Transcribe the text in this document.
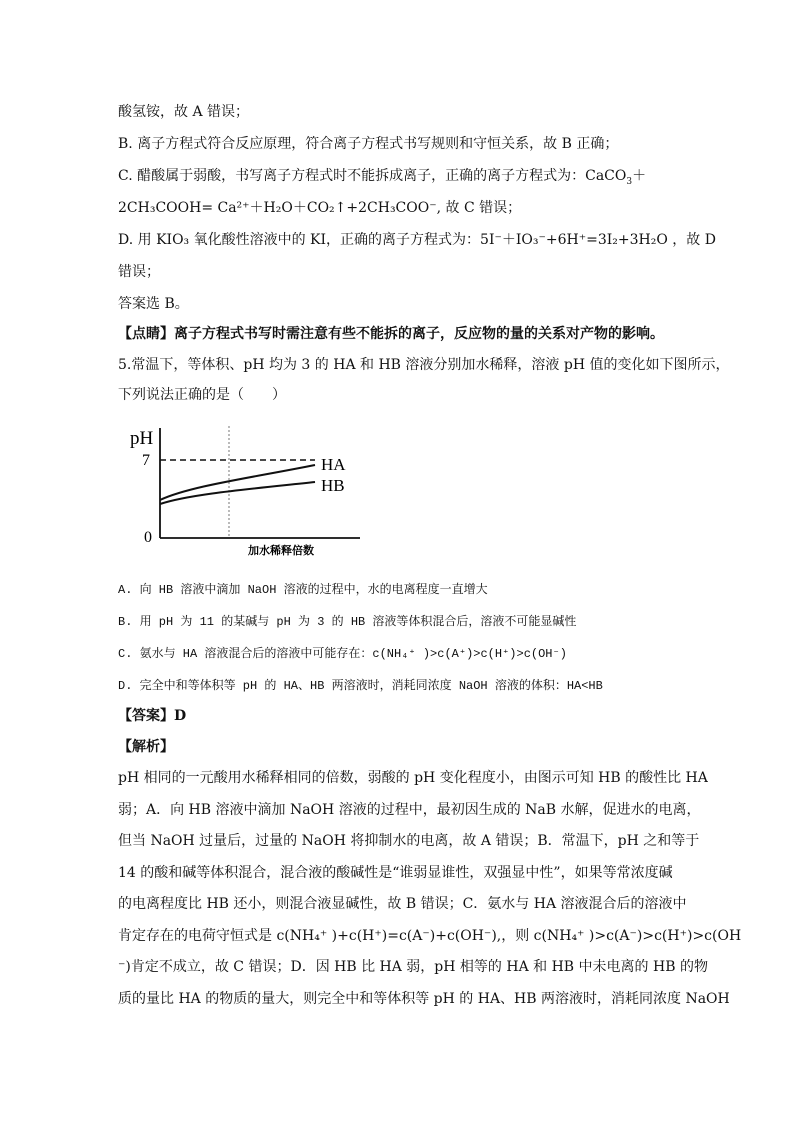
酸氢铵，故 A 错误；
B. 离子方程式符合反应原理，符合离子方程式书写规则和守恒关系，故 B 正确；
C. 醋酸属于弱酸，书写离子方程式时不能拆成离子，正确的离子方程式为：CaCO$_3$＋
2CH₃COOH= Ca²⁺＋H₂O＋CO₂↑+2CH₃COO⁻, 故 C 错误；
D. 用 KIO₃ 氧化酸性溶液中的 KI，正确的离子方程式为：5I⁻＋IO₃⁻+6H⁺=3I₂+3H₂O ，故 D
错误；
答案选 B。
【点睛】离子方程式书写时需注意有些不能拆的离子，反应物的量的关系对产物的影响。
5.常温下，等体积、pH 均为 3 的 HA 和 HB 溶液分别加水稀释，溶液 pH 值的变化如下图所示，
下列说法正确的是（　　）
pH
7
0
HA
HB
加水稀释倍数
A. 向 HB 溶液中滴加 NaOH 溶液的过程中，水的电离程度一直增大
B. 用 pH 为 11 的某碱与 pH 为 3 的 HB 溶液等体积混合后，溶液不可能显碱性
C. 氨水与 HA 溶液混合后的溶液中可能存在：c(NH₄⁺ )>c(A⁺)>c(H⁺)>c(OH⁻)
D. 完全中和等体积等 pH 的 HA、HB 两溶液时，消耗同浓度 NaOH 溶液的体积：HA<HB
【答案】D
【解析】
pH 相同的一元酸用水稀释相同的倍数，弱酸的 pH 变化程度小，由图示可知 HB 的酸性比 HA
弱；A．向 HB 溶液中滴加 NaOH 溶液的过程中，最初因生成的 NaB 水解，促进水的电离，
但当 NaOH 过量后，过量的 NaOH 将抑制水的电离，故 A 错误；B．常温下，pH 之和等于
14 的酸和碱等体积混合，混合液的酸碱性是“谁弱显谁性，双强显中性”，如果等常浓度碱
的电离程度比 HB 还小，则混合液显碱性，故 B 错误；C．氨水与 HA 溶液混合后的溶液中
肯定存在的电荷守恒式是 c(NH₄⁺ )+c(H⁺)=c(A⁻)+c(OH⁻),，则 c(NH₄⁺ )>c(A⁻)>c(H⁺)>c(OH
⁻)肯定不成立，故 C 错误；D．因 HB 比 HA 弱，pH 相等的 HA 和 HB 中未电离的 HB 的物
质的量比 HA 的物质的量大，则完全中和等体积等 pH 的 HA、HB 两溶液时，消耗同浓度 NaOH
